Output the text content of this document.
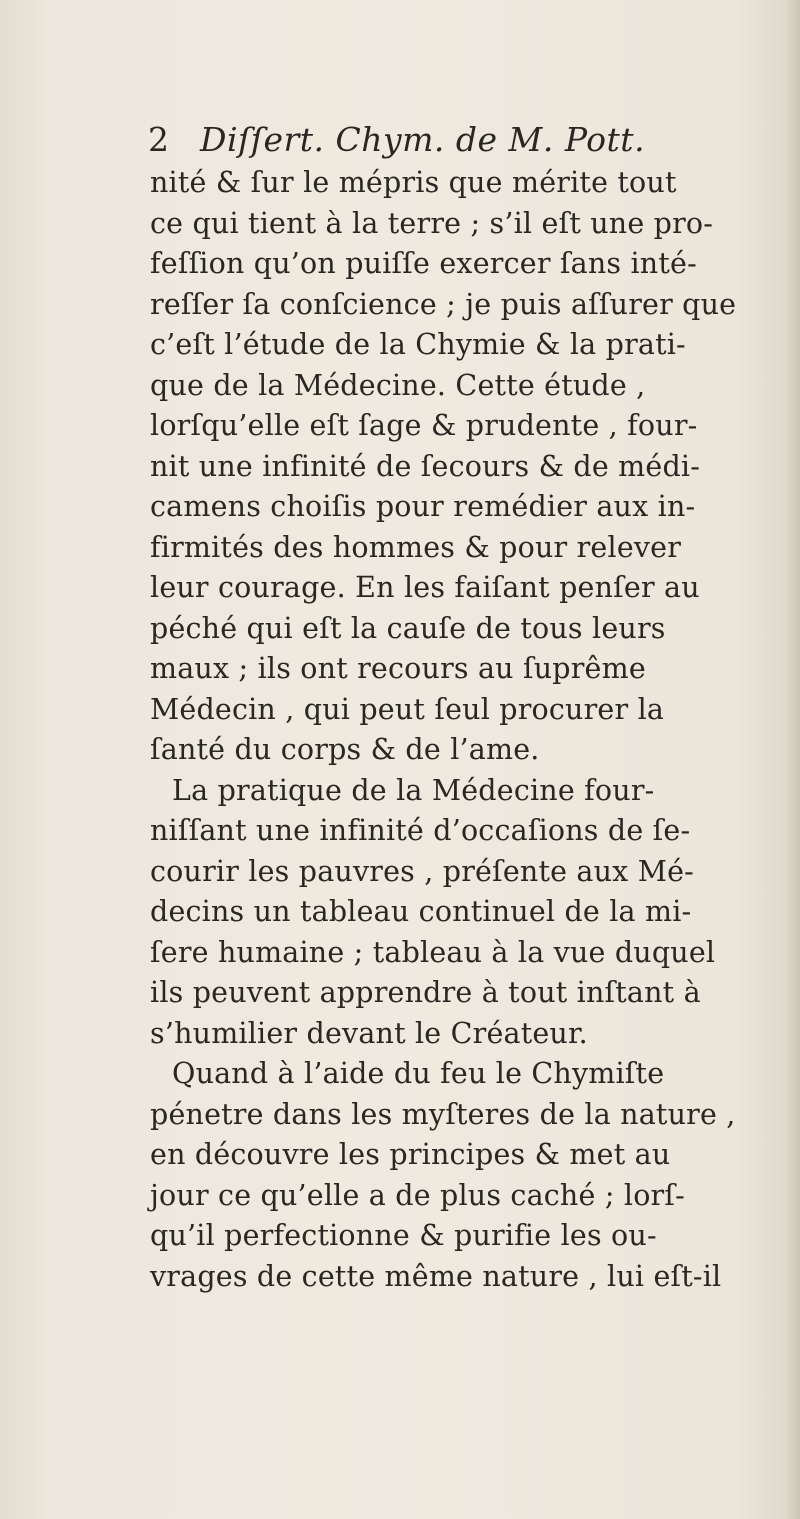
2 Diſſert. Chym. de M. Pott.
nité & ſur le mépris que mérite tout
ce qui tient à la terre ; s’il eſt une pro-
feſſion qu’on puiſſe exercer ſans inté-
reſſer ſa conſcience ; je puis aſſurer que
c’eſt l’étude de la Chymie & la prati-
que de la Médecine. Cette étude ,
lorſqu’elle eſt ſage & prudente , four-
nit une infinité de ſecours & de médi-
camens choiſis pour remédier aux in-
firmités des hommes & pour relever
leur courage. En les faiſant penſer au
péché qui eſt la cauſe de tous leurs
maux ; ils ont recours au ſuprême
Médecin , qui peut ſeul procurer la
ſanté du corps & de l’ame.
La pratique de la Médecine four-
niſſant une infinité d’occaſions de ſe-
courir les pauvres , préſente aux Mé-
decins un tableau continuel de la mi-
ſere humaine ; tableau à la vue duquel
ils peuvent apprendre à tout inſtant à
s’humilier devant le Créateur.
Quand à l’aide du feu le Chymiſte
pénetre dans les myſteres de la nature ,
en découvre les principes & met au
jour ce qu’elle a de plus caché ; lorſ-
qu’il perfectionne & purifie les ou-
vrages de cette même nature , lui eſt-il
